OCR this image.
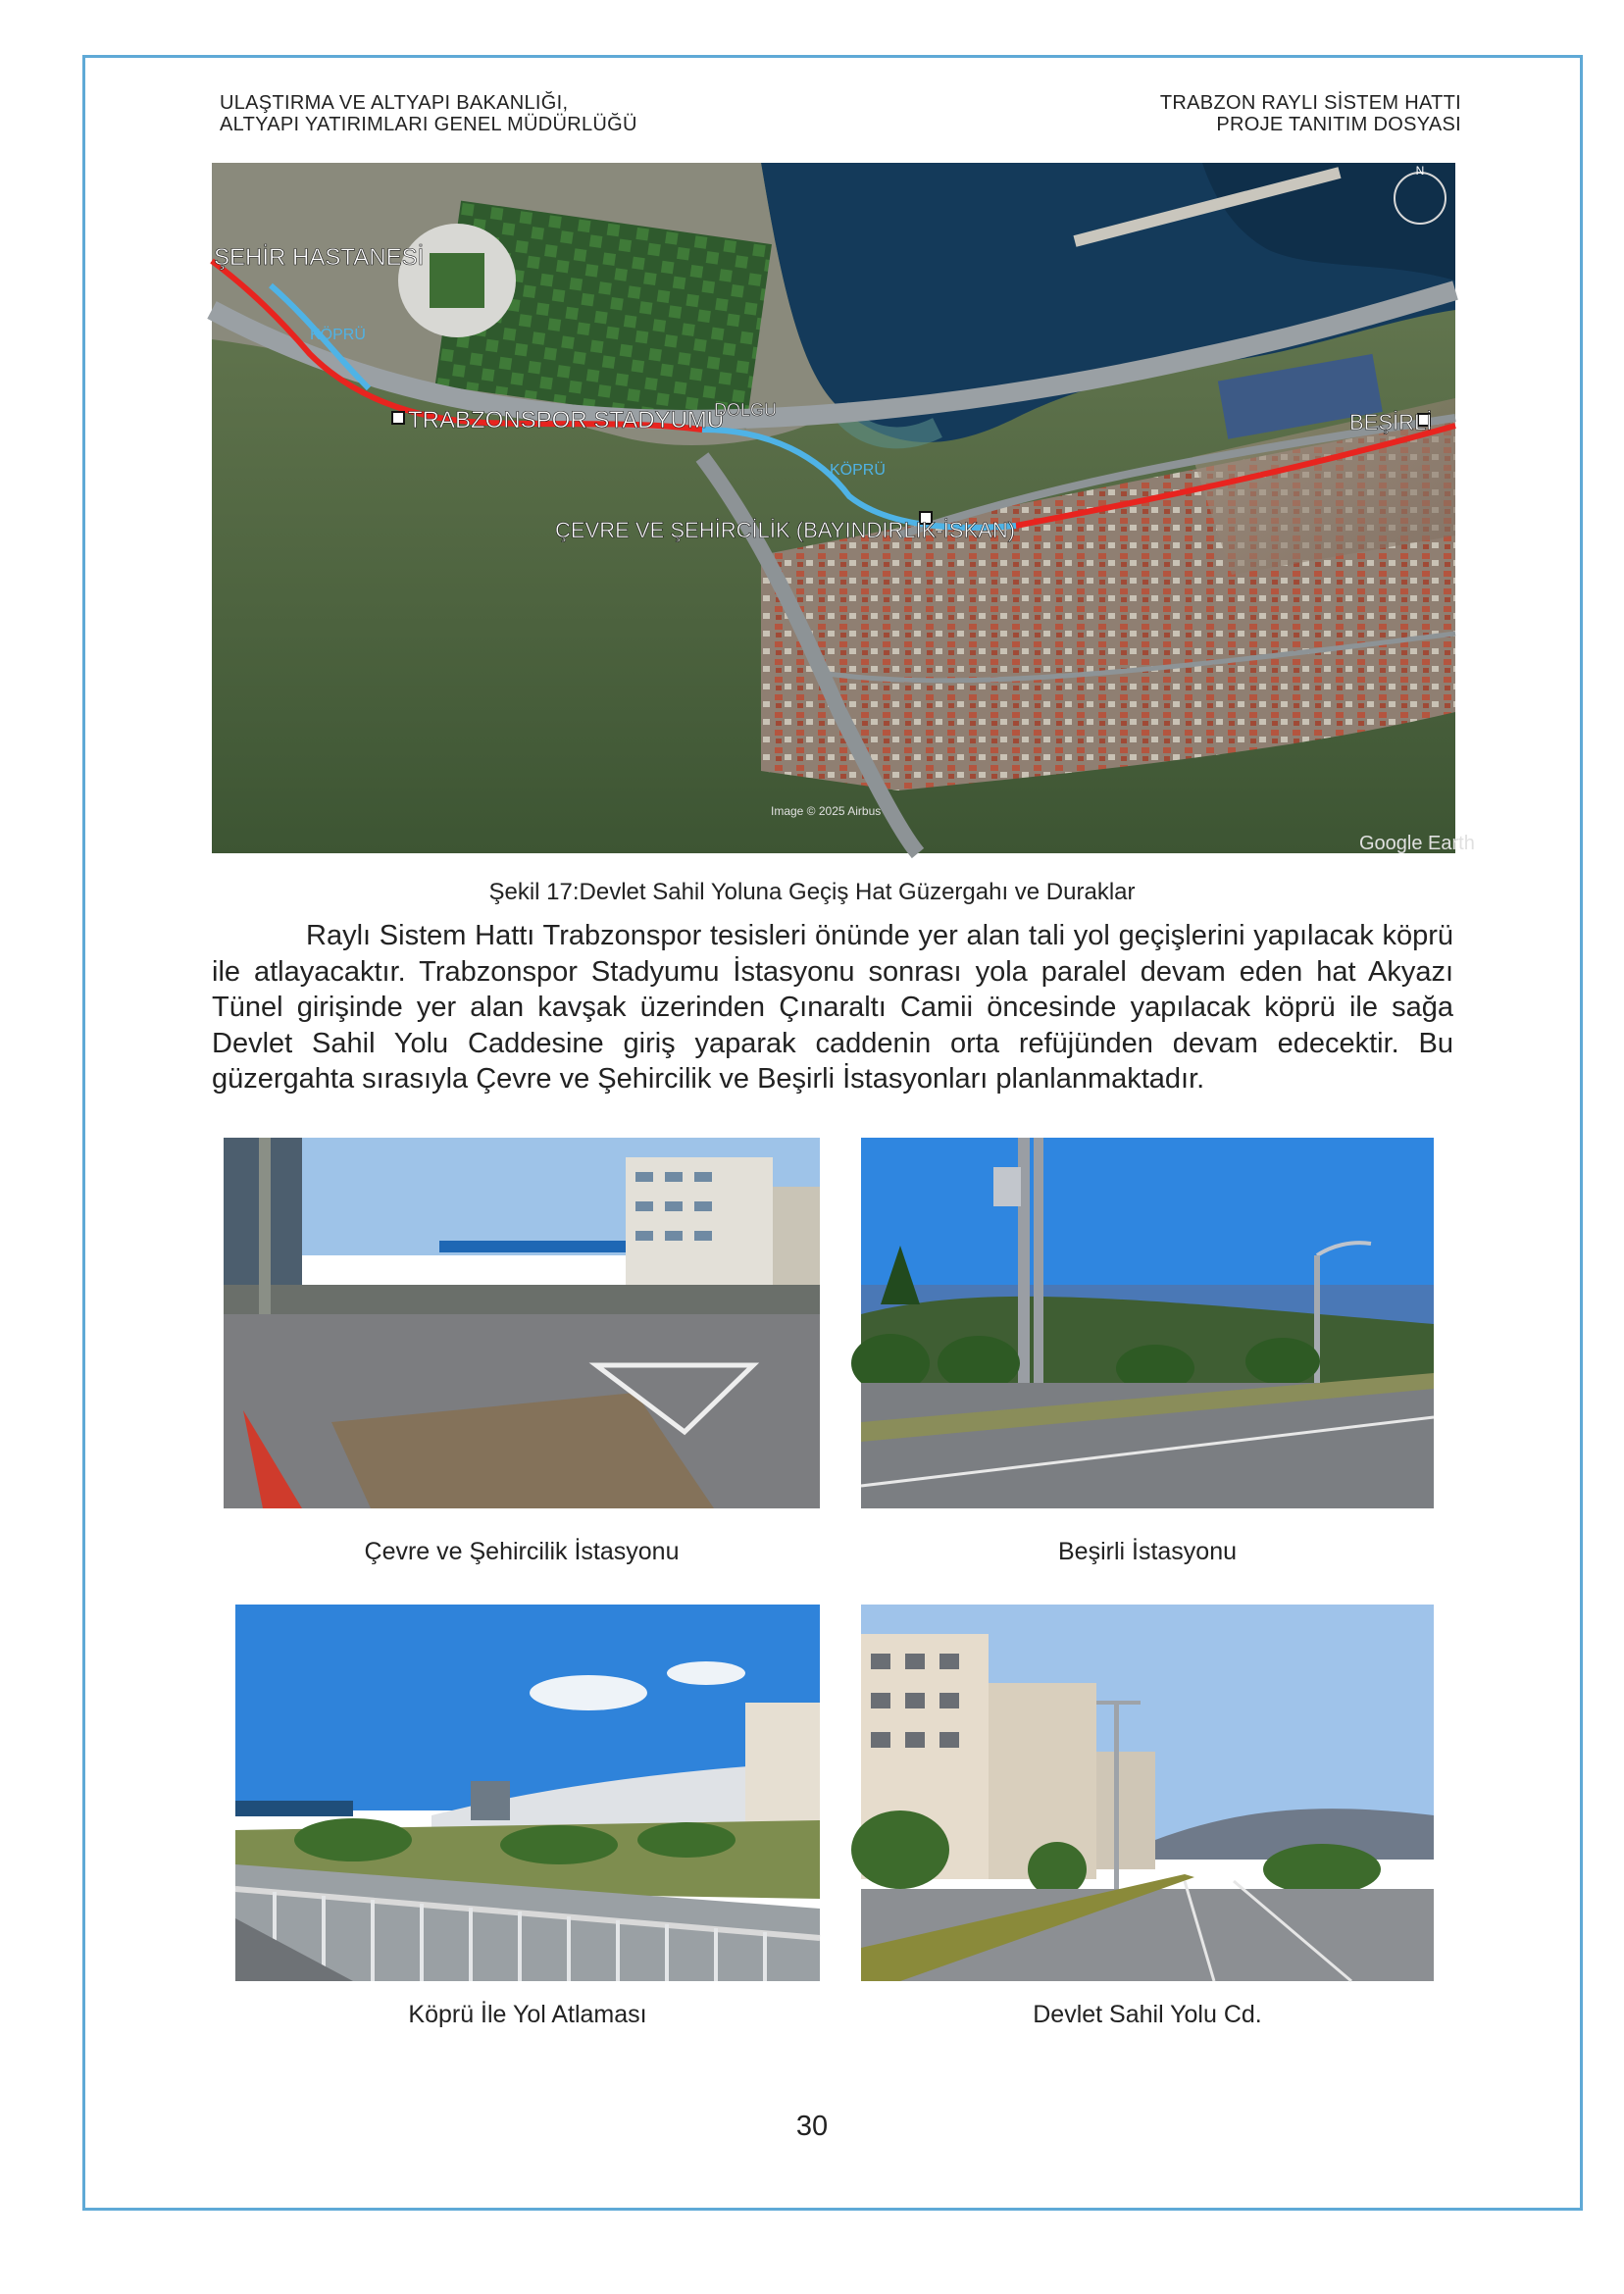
ULAŞTIRMA VE ALTYAPI BAKANLIĞI,
ALTYAPI YATIRIMLARI GENEL MÜDÜRLÜĞÜ
TRABZON RAYLI SİSTEM HATTI
PROJE TANITIM DOSYASI
N
ŞEHİR HASTANESİ
KÖPRÜ
TRABZONSPOR STADYUMU
DOLGU
KÖPRÜ
BEŞİRLİ
ÇEVRE VE ŞEHİRCİLİK (BAYINDIRLIK-İSKAN)
Image © 2025 Airbus
Google Earth
Şekil 17:Devlet Sahil Yoluna Geçiş Hat Güzergahı ve Duraklar

Raylı Sistem Hattı Trabzonspor tesisleri önünde yer alan tali yol geçişlerini yapılacak köprü ile atlayacaktır. Trabzonspor Stadyumu İstasyonu sonrası yola paralel devam eden hat Akyazı Tünel girişinde yer alan kavşak üzerinden Çınaraltı Camii öncesinde yapılacak köprü ile sağa Devlet Sahil Yolu Caddesine giriş yaparak caddenin orta refüjünden devam edecektir. Bu güzergahta sırasıyla Çevre ve Şehircilik ve Beşirli İstasyonları planlanmaktadır.

Çevre ve Şehircilik İstasyonu	Beşirli İstasyonu
Köprü İle Yol Atlaması	Devlet Sahil Yolu Cd.
30
